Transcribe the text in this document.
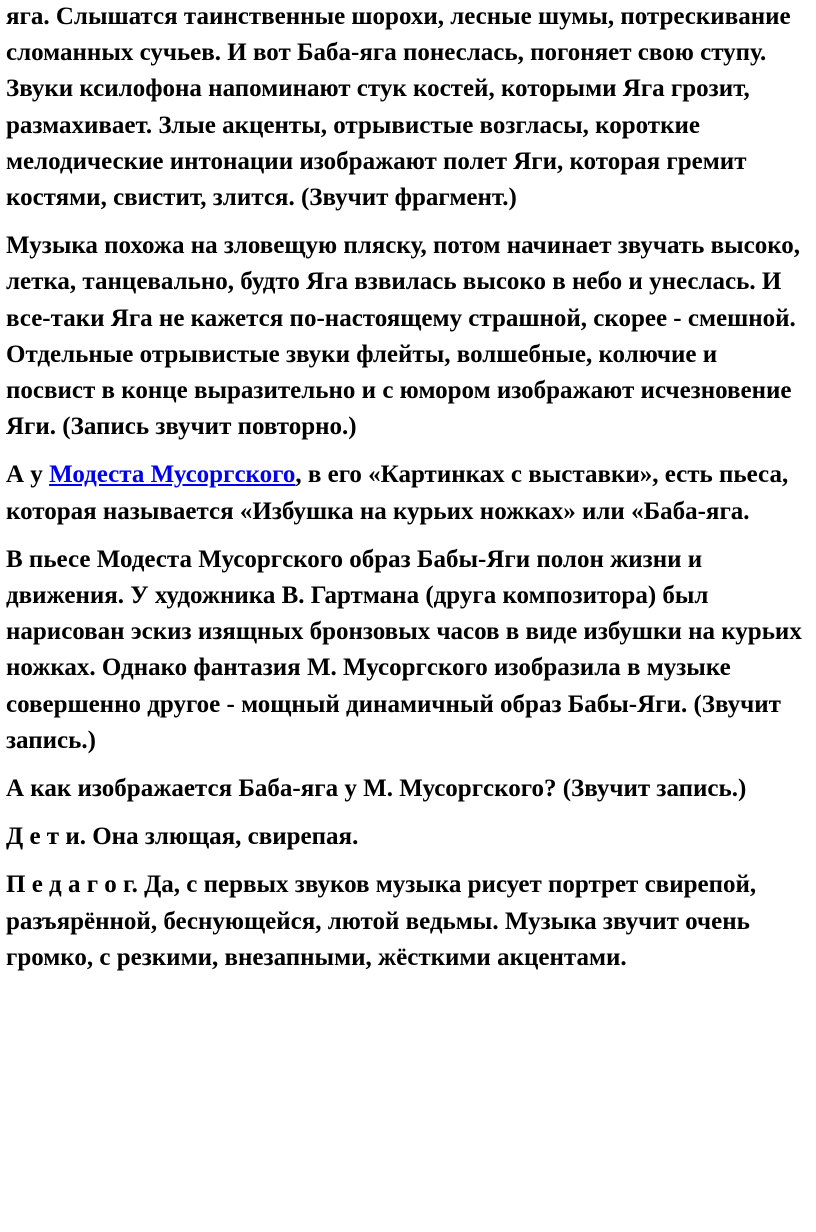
яга. Слышатся таинственные шорохи, лесные шумы, потрескивание сломанных сучьев. И вот Баба-яга понеслась, погоняет свою ступу. Звуки ксилофона напоминают стук костей, которыми Яга грозит, размахивает. Злые акценты, отрывистые возгласы, короткие мелодические интонации изображают полет Яги, которая гремит костями, свистит, злится. (Звучит фрагмент.)

Музыка похожа на зловещую пляску, потом начинает звучать высоко, летка, танцевально, будто Яга взвилась высоко в небо и унеслась. И все-таки Яга не кажется по-настоящему страшной, скорее - смешной. Отдельные отрывистые звуки флейты, волшебные, колючие и посвист в конце выразительно и с юмором изображают исчезновение Яги. (Запись звучит повторно.)

А у Модеста Мусоргского, в его «Картинках с выставки», есть пьеса, которая называется «Избушка на курьих ножках» или «Баба-яга.

В пьесе Модеста Мусоргского образ Бабы-Яги полон жизни и движения. У художника В. Гартмана (друга композитора) был нарисован эскиз изящных бронзовых часов в виде избушки на курьих ножках. Однако фантазия М. Мусоргского изобразила в музыке совершенно другое - мощный динамичный образ Бабы-Яги. (Звучит запись.)

А как изображается Баба-яга у М. Мусоргского? (Звучит запись.)

Д е т и. Она злющая, свирепая.

П е д а г о г. Да, с первых звуков музыка рисует портрет свирепой, разъярённой, беснующейся, лютой ведьмы. Музыка звучит очень громко, с резкими, внезапными, жёсткими акцентами.
